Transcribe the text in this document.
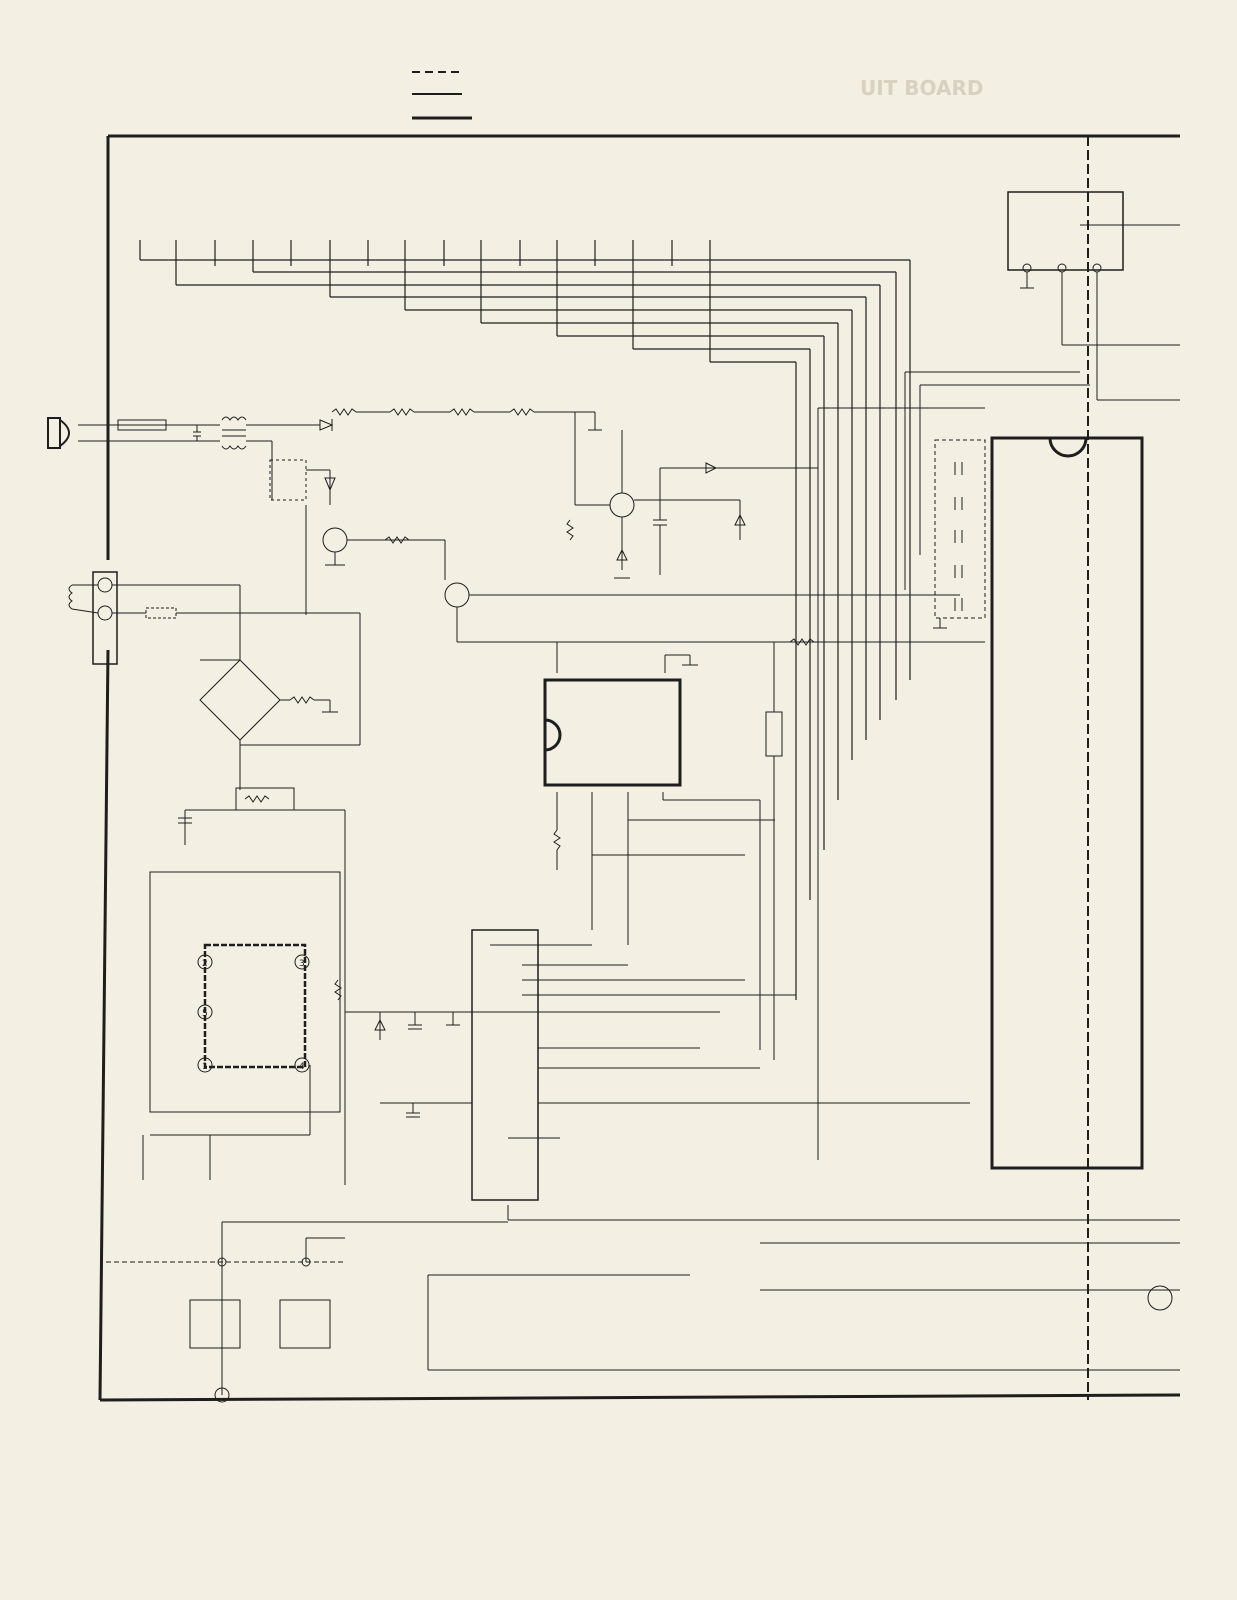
UIT BOARD
2	3
5
1	4
